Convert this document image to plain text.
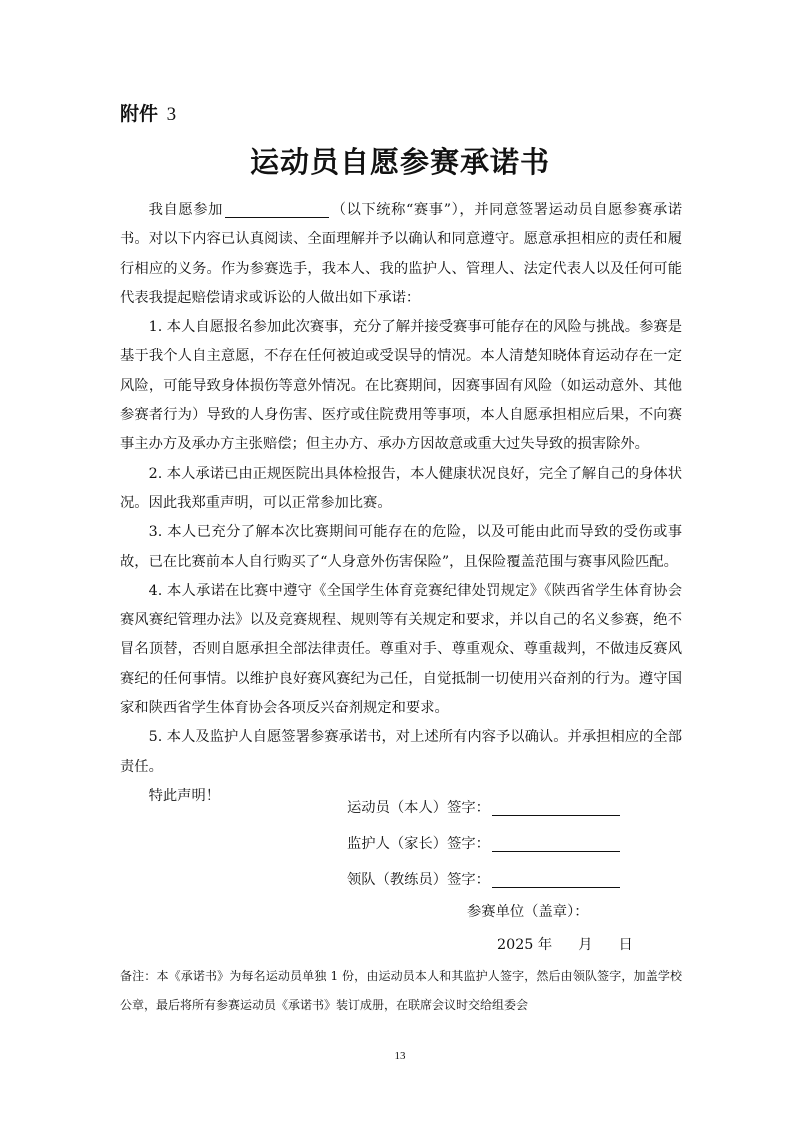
附件 3
运动员自愿参赛承诺书

我自愿参加	（以下统称“赛事”），并同意签署运动员自愿参赛承诺书。对以下内容已认真阅读、全面理解并予以确认和同意遵守。愿意承担相应的责任和履行相应的义务。作为参赛选手，我本人、我的监护人、管理人、法定代表人以及任何可能代表我提起赔偿请求或诉讼的人做出如下承诺：

1. 本人自愿报名参加此次赛事，充分了解并接受赛事可能存在的风险与挑战。参赛是基于我个人自主意愿，不存在任何被迫或受误导的情况。本人清楚知晓体育运动存在一定风险，可能导致身体损伤等意外情况。在比赛期间，因赛事固有风险（如运动意外、其他参赛者行为）导致的人身伤害、医疗或住院费用等事项，本人自愿承担相应后果，不向赛事主办方及承办方主张赔偿；但主办方、承办方因故意或重大过失导致的损害除外。

2. 本人承诺已由正规医院出具体检报告，本人健康状况良好，完全了解自己的身体状况。因此我郑重声明，可以正常参加比赛。

3. 本人已充分了解本次比赛期间可能存在的危险，以及可能由此而导致的受伤或事故，已在比赛前本人自行购买了“人身意外伤害保险”，且保险覆盖范围与赛事风险匹配。

4. 本人承诺在比赛中遵守《全国学生体育竞赛纪律处罚规定》《陕西省学生体育协会赛风赛纪管理办法》以及竞赛规程、规则等有关规定和要求，并以自己的名义参赛，绝不冒名顶替，否则自愿承担全部法律责任。尊重对手、尊重观众、尊重裁判，不做违反赛风赛纪的任何事情。以维护良好赛风赛纪为己任，自觉抵制一切使用兴奋剂的行为。遵守国家和陕西省学生体育协会各项反兴奋剂规定和要求。

5. 本人及监护人自愿签署参赛承诺书，对上述所有内容予以确认。并承担相应的全部责任。

特此声明！

运动员（本人）签字：
监护人（家长）签字：
领队（教练员）签字：
参赛单位（盖章）：
2025 年 月 日
备注：本《承诺书》为每名运动员单独 1 份，由运动员本人和其监护人签字，然后由领队签字，加盖学校公章，最后将所有参赛运动员《承诺书》装订成册，在联席会议时交给组委会
13
